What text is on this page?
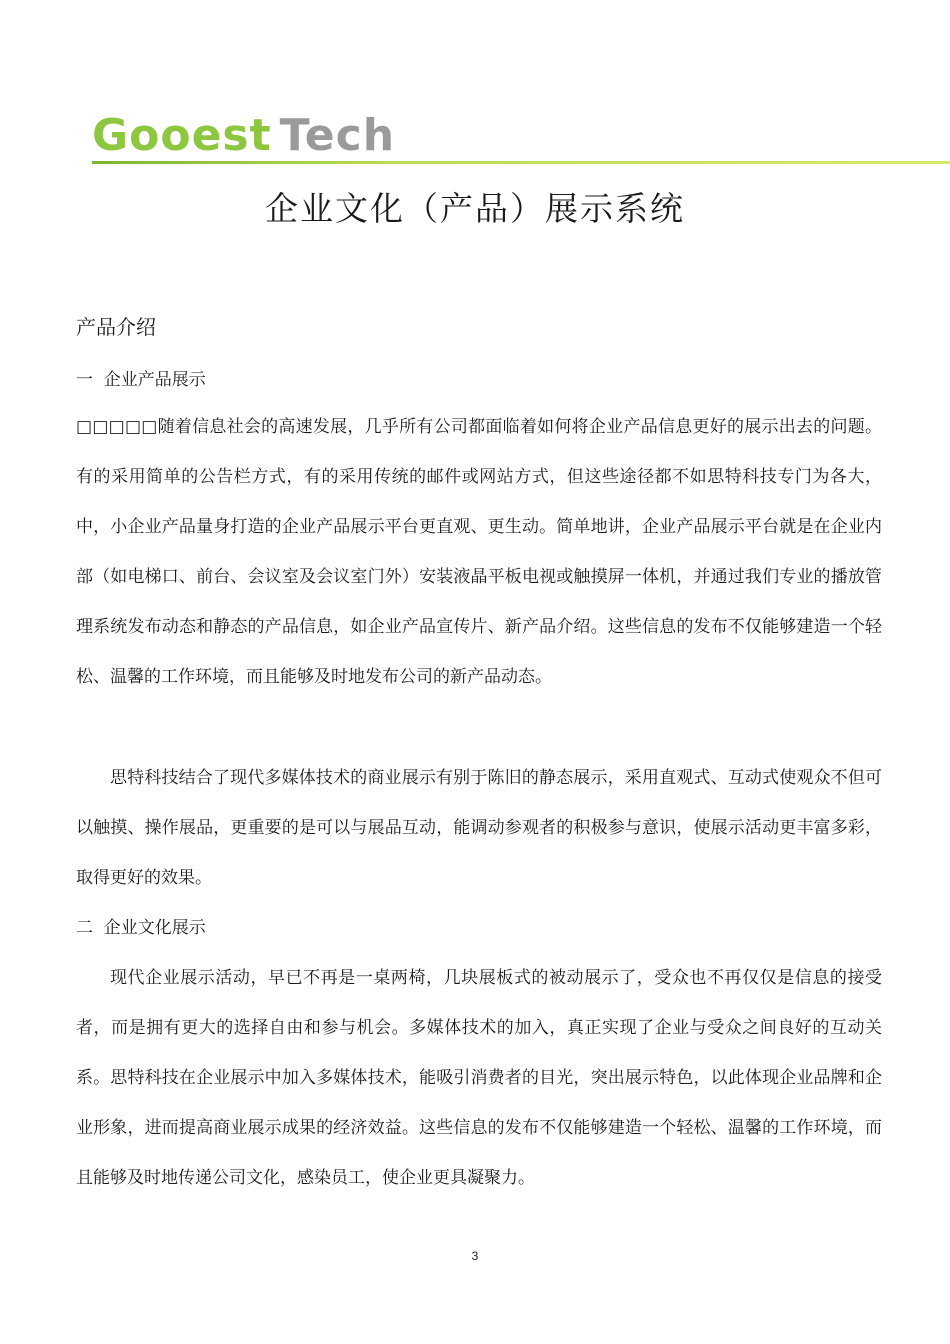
Gooest Tech
企业文化（产品）展示系统
产品介绍
一  企业产品展示
□□□□□随着信息社会的高速发展，几乎所有公司都面临着如何将企业产品信息更好的展示出去的问题。有的采用简单的公告栏方式，有的采用传统的邮件或网站方式，但这些途径都不如思特科技专门为各大，中，小企业产品量身打造的企业产品展示平台更直观、更生动。简单地讲，企业产品展示平台就是在企业内部（如电梯口、前台、会议室及会议室门外）安装液晶平板电视或触摸屏一体机，并通过我们专业的播放管理系统发布动态和静态的产品信息，如企业产品宣传片、新产品介绍。这些信息的发布不仅能够建造一个轻松、温馨的工作环境，而且能够及时地发布公司的新产品动态。
思特科技结合了现代多媒体技术的商业展示有别于陈旧的静态展示，采用直观式、互动式使观众不但可以触摸、操作展品，更重要的是可以与展品互动，能调动参观者的积极参与意识，使展示活动更丰富多彩，取得更好的效果。
二  企业文化展示
现代企业展示活动，早已不再是一桌两椅，几块展板式的被动展示了，受众也不再仅仅是信息的接受者，而是拥有更大的选择自由和参与机会。多媒体技术的加入，真正实现了企业与受众之间良好的互动关系。思特科技在企业展示中加入多媒体技术，能吸引消费者的目光，突出展示特色，以此体现企业品牌和企业形象，进而提高商业展示成果的经济效益。这些信息的发布不仅能够建造一个轻松、温馨的工作环境，而且能够及时地传递公司文化，感染员工，使企业更具凝聚力。
3
